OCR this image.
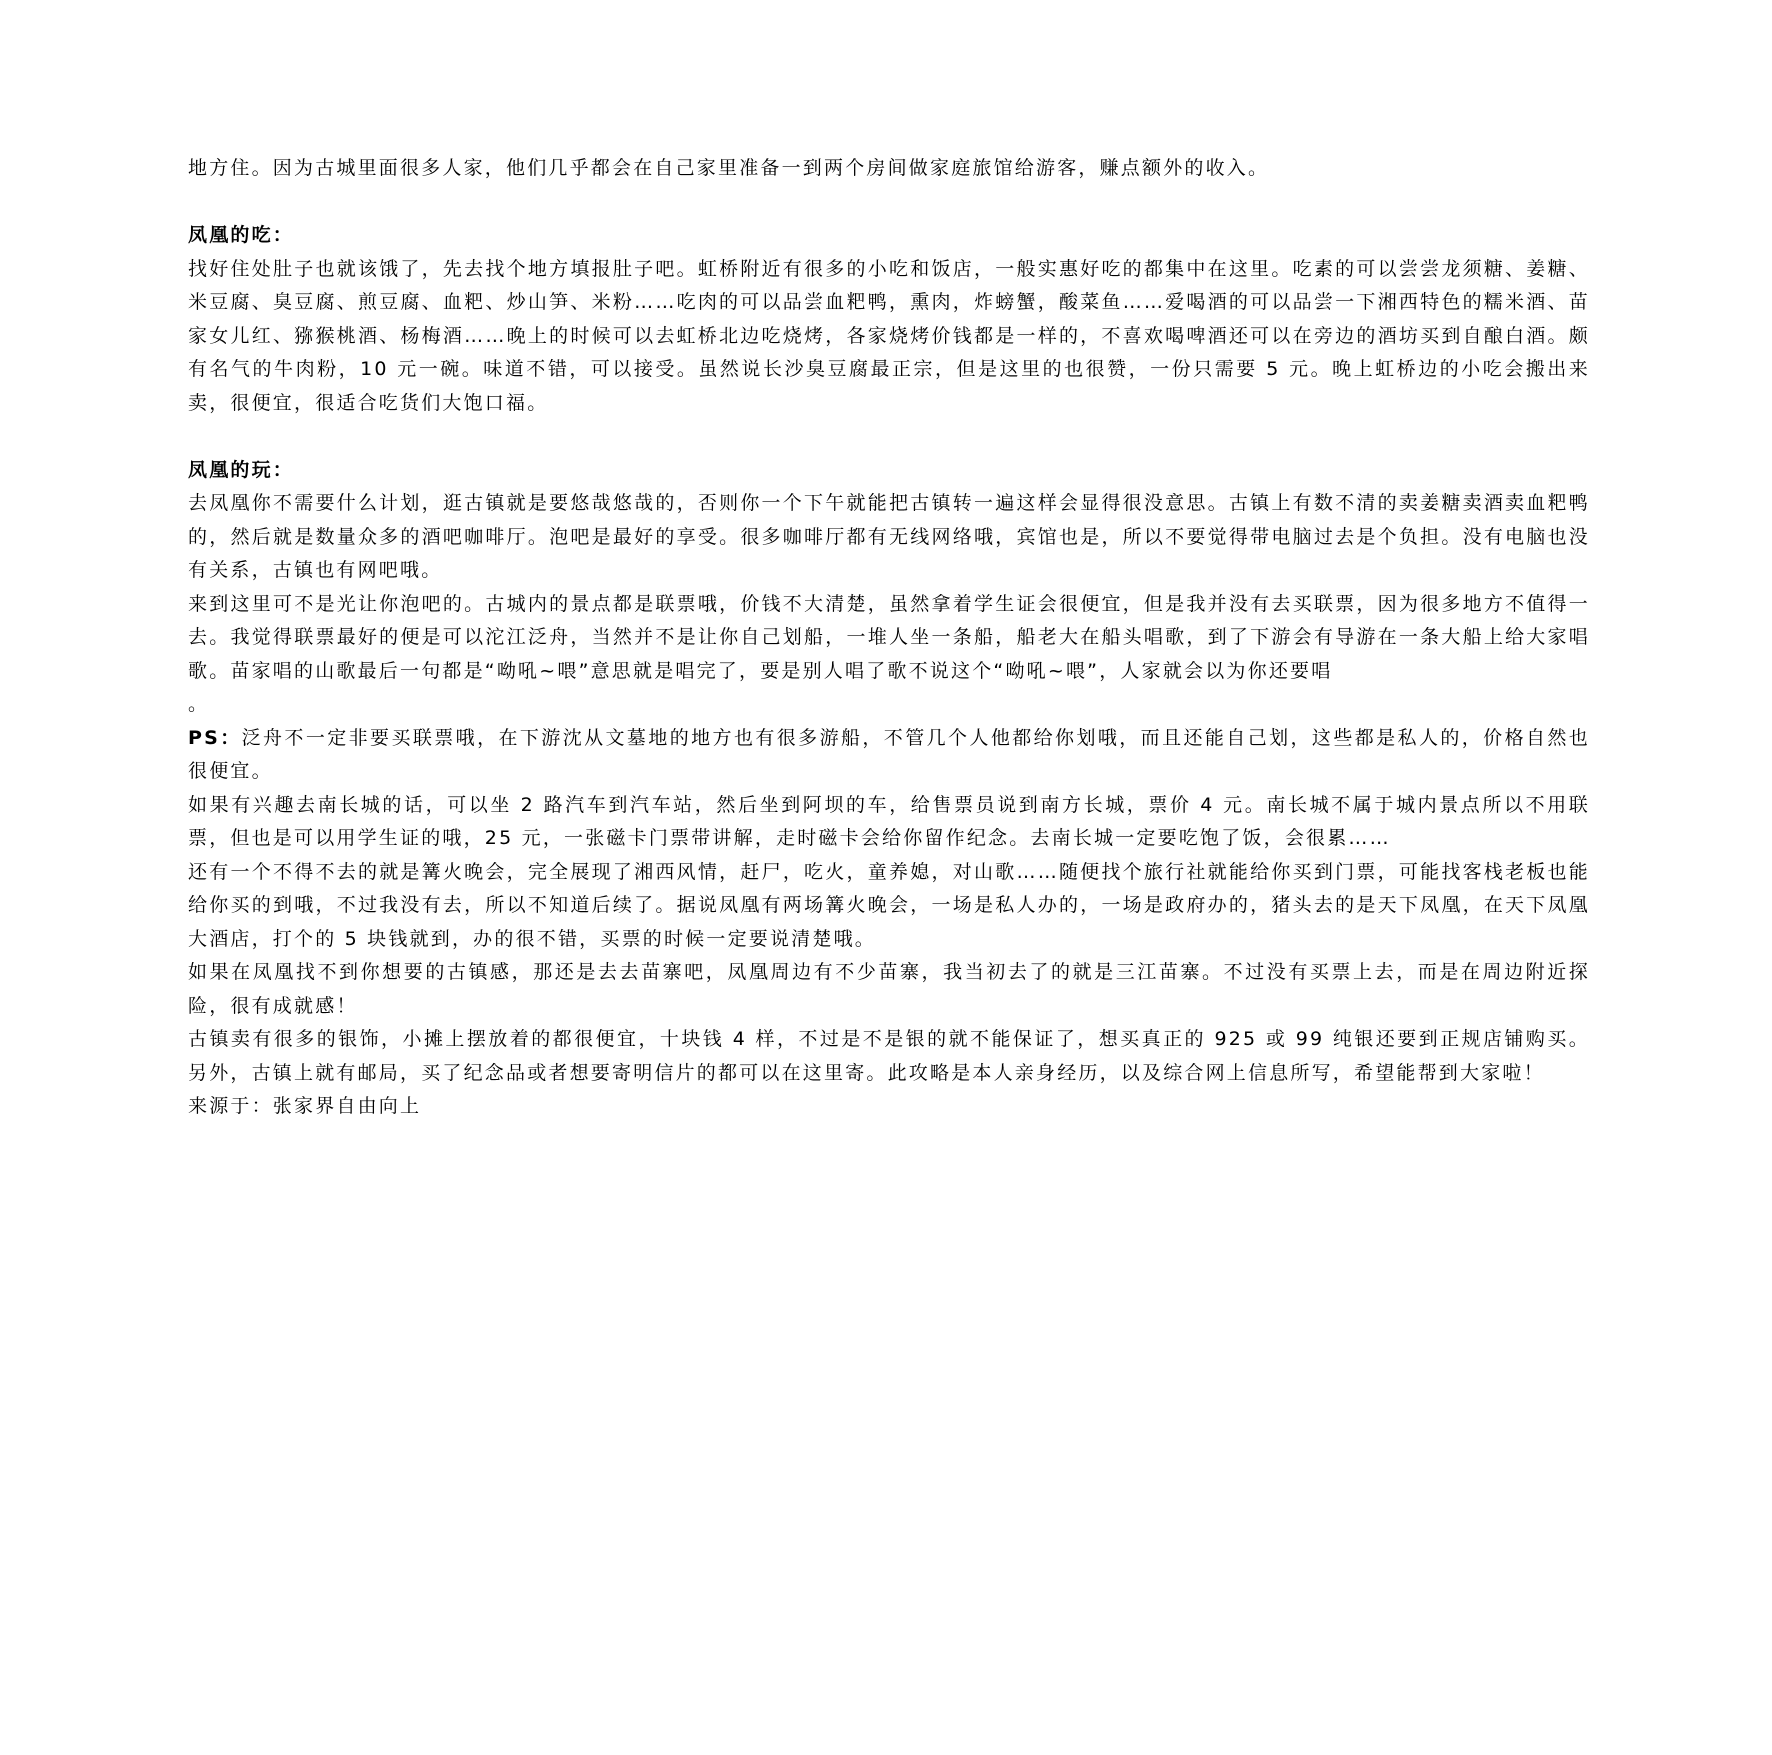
地方住。因为古城里面很多人家，他们几乎都会在自己家里准备一到两个房间做家庭旅馆给游客，赚点额外的收入。

凤凰的吃：

找好住处肚子也就该饿了，先去找个地方填报肚子吧。虹桥附近有很多的小吃和饭店，一般实惠好吃的都集中在这里。吃素的可以尝尝龙须糖、姜糖、米豆腐、臭豆腐、煎豆腐、血粑、炒山笋、米粉……吃肉的可以品尝血粑鸭，熏肉，炸螃蟹，酸菜鱼……爱喝酒的可以品尝一下湘西特色的糯米酒、苗家女儿红、猕猴桃酒、杨梅酒……晚上的时候可以去虹桥北边吃烧烤，各家烧烤价钱都是一样的，不喜欢喝啤酒还可以在旁边的酒坊买到自酿白酒。颇有名气的牛肉粉，10 元一碗。味道不错，可以接受。虽然说长沙臭豆腐最正宗，但是这里的也很赞，一份只需要 5 元。晚上虹桥边的小吃会搬出来卖，很便宜，很适合吃货们大饱口福。

凤凰的玩：

去凤凰你不需要什么计划，逛古镇就是要悠哉悠哉的，否则你一个下午就能把古镇转一遍这样会显得很没意思。古镇上有数不清的卖姜糖卖酒卖血粑鸭的，然后就是数量众多的酒吧咖啡厅。泡吧是最好的享受。很多咖啡厅都有无线网络哦，宾馆也是，所以不要觉得带电脑过去是个负担。没有电脑也没有关系，古镇也有网吧哦。

来到这里可不是光让你泡吧的。古城内的景点都是联票哦，价钱不大清楚，虽然拿着学生证会很便宜，但是我并没有去买联票，因为很多地方不值得一去。我觉得联票最好的便是可以沱江泛舟，当然并不是让你自己划船，一堆人坐一条船，船老大在船头唱歌，到了下游会有导游在一条大船上给大家唱歌。苗家唱的山歌最后一句都是“呦吼~喂”意思就是唱完了，要是别人唱了歌不说这个“呦吼~喂”，人家就会以为你还要唱

。

PS：泛舟不一定非要买联票哦，在下游沈从文墓地的地方也有很多游船，不管几个人他都给你划哦，而且还能自己划，这些都是私人的，价格自然也很便宜。

如果有兴趣去南长城的话，可以坐 2 路汽车到汽车站，然后坐到阿坝的车，给售票员说到南方长城，票价 4 元。南长城不属于城内景点所以不用联票，但也是可以用学生证的哦，25 元，一张磁卡门票带讲解，走时磁卡会给你留作纪念。去南长城一定要吃饱了饭，会很累……

还有一个不得不去的就是篝火晚会，完全展现了湘西风情，赶尸，吃火，童养媳，对山歌……随便找个旅行社就能给你买到门票，可能找客栈老板也能给你买的到哦，不过我没有去，所以不知道后续了。据说凤凰有两场篝火晚会，一场是私人办的，一场是政府办的，猪头去的是天下凤凰，在天下凤凰大酒店，打个的 5 块钱就到，办的很不错，买票的时候一定要说清楚哦。

如果在凤凰找不到你想要的古镇感，那还是去去苗寨吧，凤凰周边有不少苗寨，我当初去了的就是三江苗寨。不过没有买票上去，而是在周边附近探险，很有成就感！

古镇卖有很多的银饰，小摊上摆放着的都很便宜，十块钱 4 样，不过是不是银的就不能保证了，想买真正的 925 或 99 纯银还要到正规店铺购买。另外，古镇上就有邮局，买了纪念品或者想要寄明信片的都可以在这里寄。此攻略是本人亲身经历，以及综合网上信息所写，希望能帮到大家啦！

来源于：张家界自由向上
